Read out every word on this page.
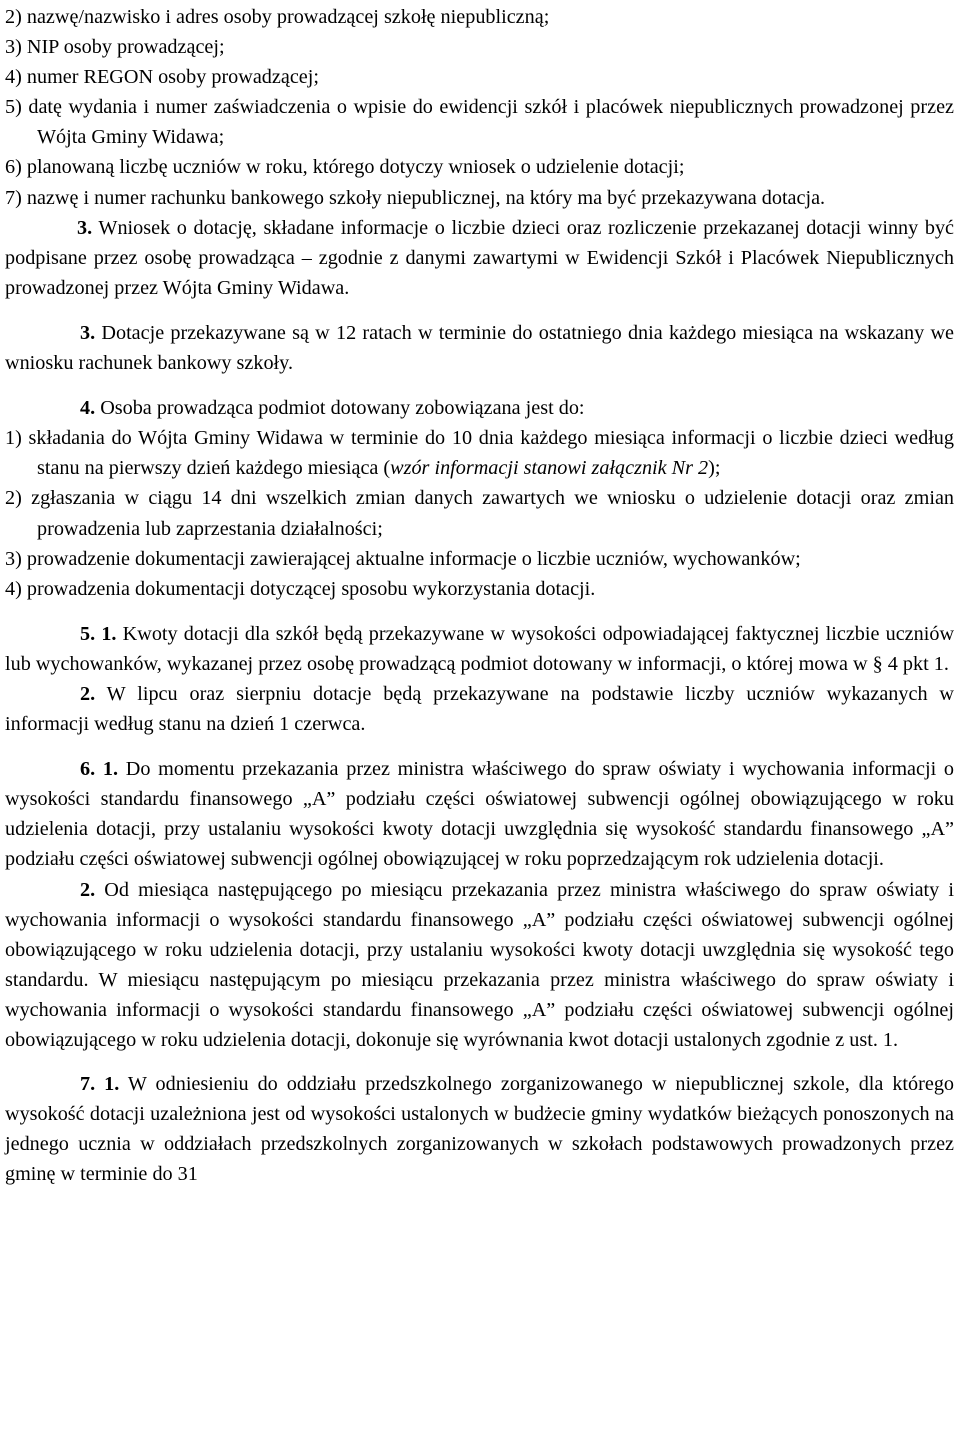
2) nazwę/nazwisko i adres osoby prowadzącej szkołę niepubliczną;

3) NIP osoby prowadzącej;

4) numer REGON osoby prowadzącej;

5) datę wydania i numer zaświadczenia o wpisie do ewidencji szkół i placówek niepublicznych prowadzonej przez Wójta Gminy Widawa;

6) planowaną liczbę uczniów w roku, którego dotyczy wniosek o udzielenie dotacji;

7) nazwę i numer rachunku bankowego szkoły niepublicznej, na który ma być przekazywana dotacja.

3. Wniosek o dotację, składane informacje o liczbie dzieci oraz rozliczenie przekazanej dotacji winny być podpisane przez osobę prowadząca – zgodnie z danymi zawartymi w Ewidencji Szkół i Placówek Niepublicznych prowadzonej przez Wójta Gminy Widawa.

3. Dotacje przekazywane są w 12 ratach w terminie do ostatniego dnia każdego miesiąca na wskazany we wniosku rachunek bankowy szkoły.

4. Osoba prowadząca podmiot dotowany zobowiązana jest do:

1) składania do Wójta Gminy Widawa w terminie do 10 dnia każdego miesiąca informacji o liczbie dzieci według stanu na pierwszy dzień każdego miesiąca (wzór informacji stanowi załącznik Nr 2);

2) zgłaszania w ciągu 14 dni wszelkich zmian danych zawartych we wniosku o udzielenie dotacji oraz zmian prowadzenia lub zaprzestania działalności;

3) prowadzenie dokumentacji zawierającej aktualne informacje o liczbie uczniów, wychowanków;

4) prowadzenia dokumentacji dotyczącej sposobu wykorzystania dotacji.

5. 1. Kwoty dotacji dla szkół będą przekazywane w wysokości odpowiadającej faktycznej liczbie uczniów lub wychowanków, wykazanej przez osobę prowadzącą podmiot dotowany w informacji, o której mowa w § 4 pkt 1.

2. W lipcu oraz sierpniu dotacje będą przekazywane na podstawie liczby uczniów wykazanych w informacji według stanu na dzień 1 czerwca.

6. 1. Do momentu przekazania przez ministra właściwego do spraw oświaty i wychowania informacji o wysokości standardu finansowego „A” podziału części oświatowej subwencji ogólnej obowiązującego w roku udzielenia dotacji, przy ustalaniu wysokości kwoty dotacji uwzględnia się wysokość standardu finansowego „A” podziału części oświatowej subwencji ogólnej obowiązującej w roku poprzedzającym rok udzielenia dotacji.

2. Od miesiąca następującego po miesiącu przekazania przez ministra właściwego do spraw oświaty i wychowania informacji o wysokości standardu finansowego „A” podziału części oświatowej subwencji ogólnej obowiązującego w roku udzielenia dotacji, przy ustalaniu wysokości kwoty dotacji uwzględnia się wysokość tego standardu. W miesiącu następującym po miesiącu przekazania przez ministra właściwego do spraw oświaty i wychowania informacji o wysokości standardu finansowego „A” podziału części oświatowej subwencji ogólnej obowiązującego w roku udzielenia dotacji, dokonuje się wyrównania kwot dotacji ustalonych zgodnie z ust. 1.

7. 1. W odniesieniu do oddziału przedszkolnego zorganizowanego w niepublicznej szkole, dla którego wysokość dotacji uzależniona jest od wysokości ustalonych w budżecie gminy wydatków bieżących ponoszonych na jednego ucznia w oddziałach przedszkolnych zorganizowanych w szkołach podstawowych prowadzonych przez gminę w terminie do 31
